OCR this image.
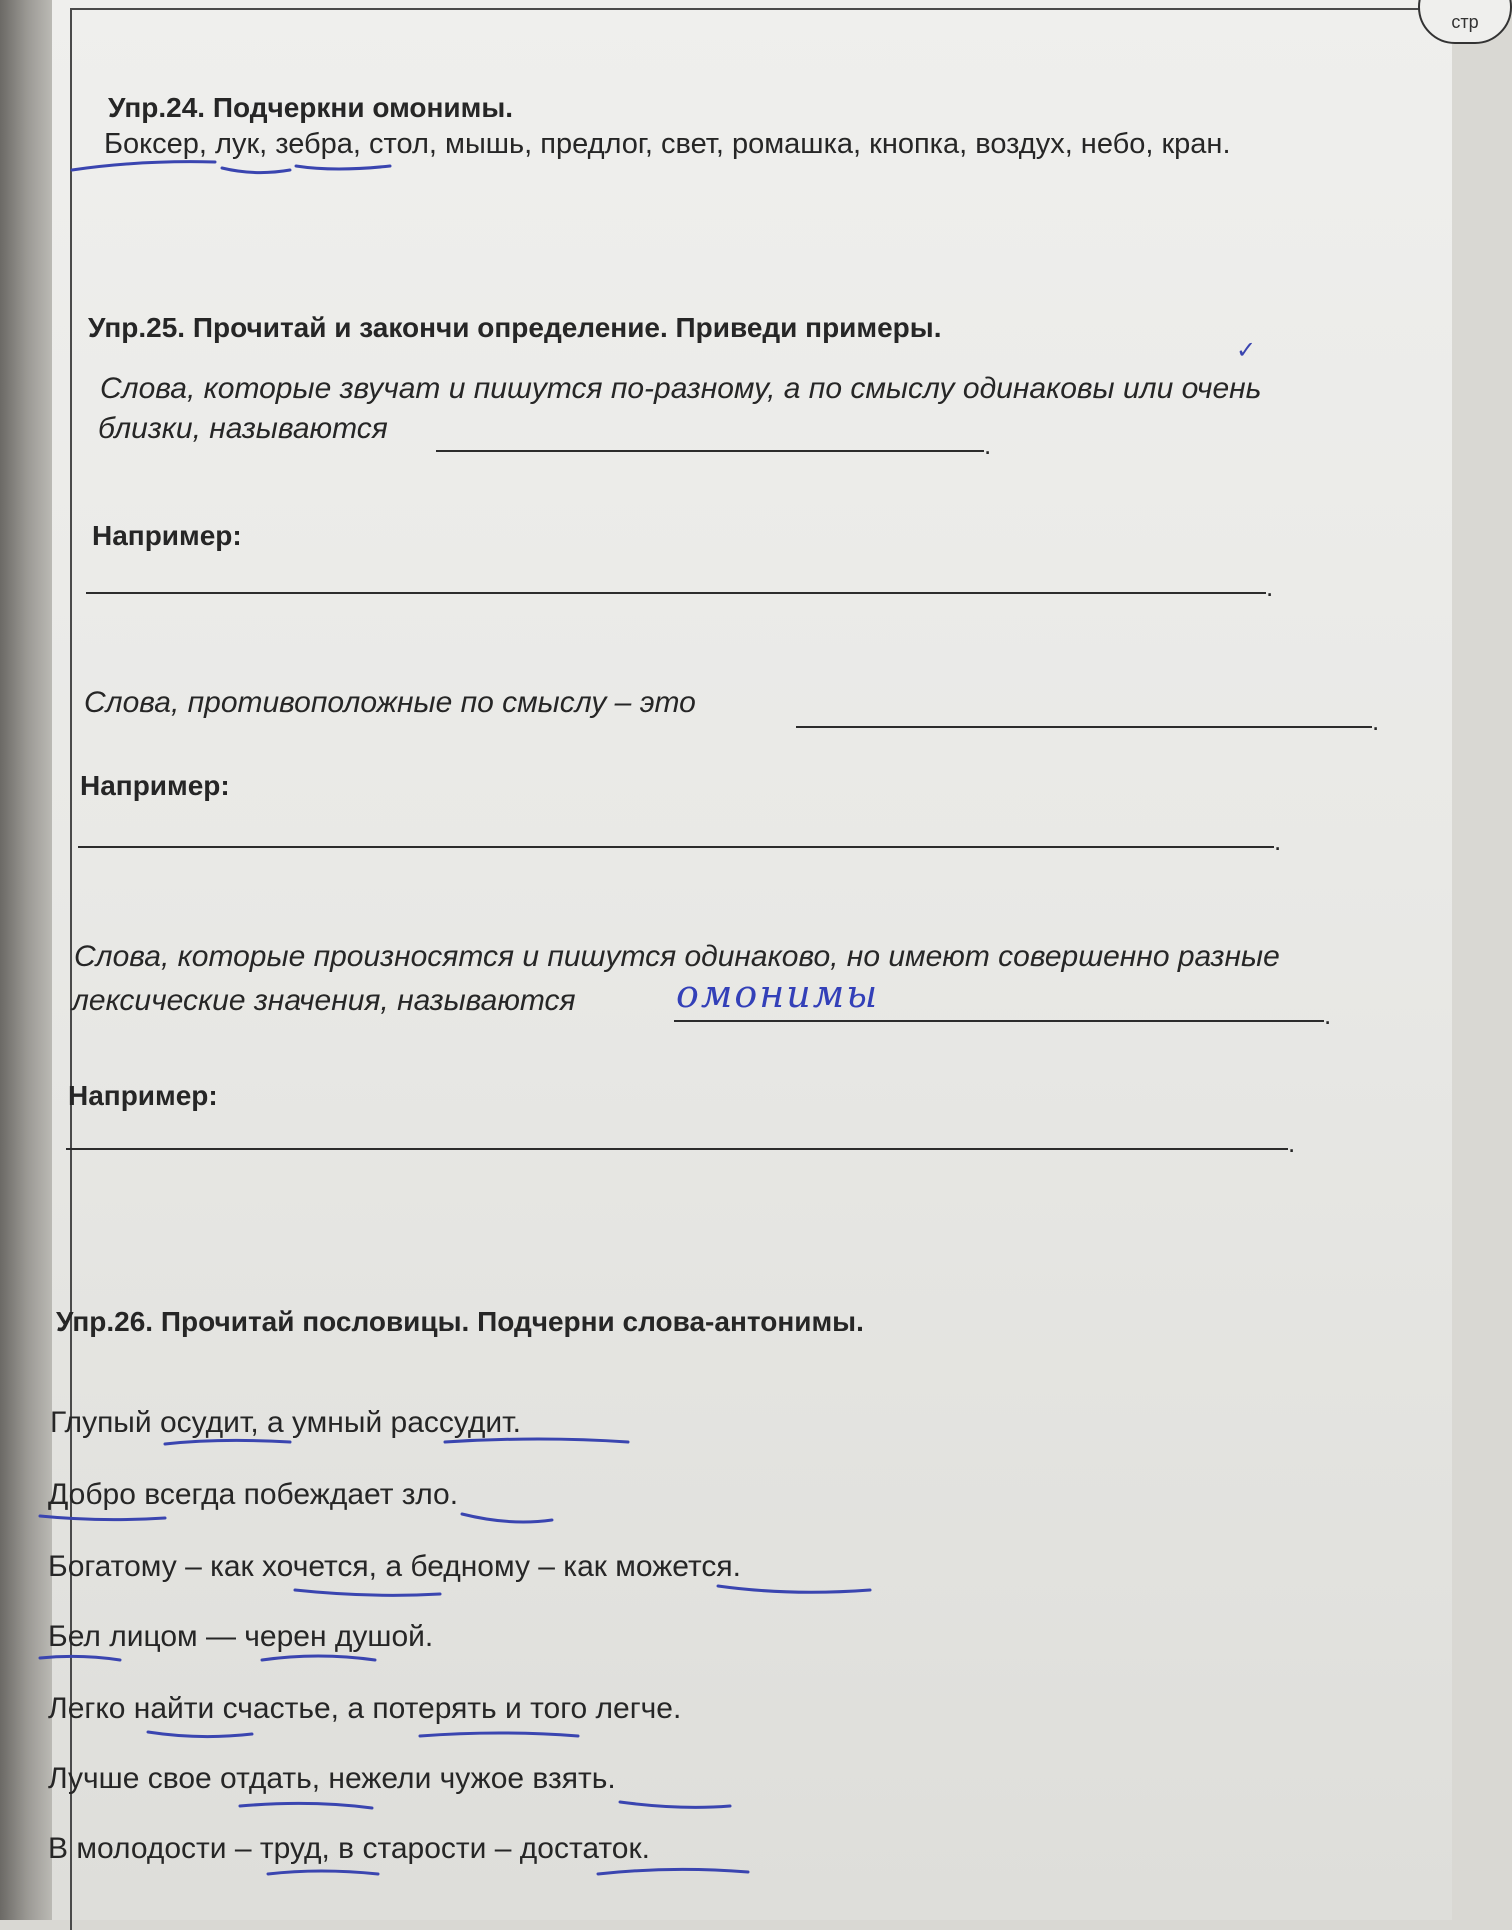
стр
Упр.24. Подчеркни омонимы.
Боксер, лук, зебра, стол, мышь, предлог, свет, ромашка, кнопка, воздух, небо, кран.
Упр.25. Прочитай и закончи определение. Приведи примеры.
✓
Слова, которые звучат и пишутся по-разному, а по смыслу одинаковы или очень
близки, называются	.
Например:
.
Слова, противоположные по смыслу – это
.
Например:
.
Слова, которые произносятся и пишутся одинаково, но имеют совершенно разные
лексические значения, называются	омонимы	.
Например:
.
Упр.26. Прочитай пословицы. Подчерни слова-антонимы.
Глупый осудит, а умный рассудит.
Добро всегда побеждает зло.
Богатому – как хочется, а бедному – как можется.
Бел лицом — черен душой.
Легко найти счастье, а потерять и того легче.
Лучше свое отдать, нежели чужое взять.
В молодости – труд, в старости – достаток.
